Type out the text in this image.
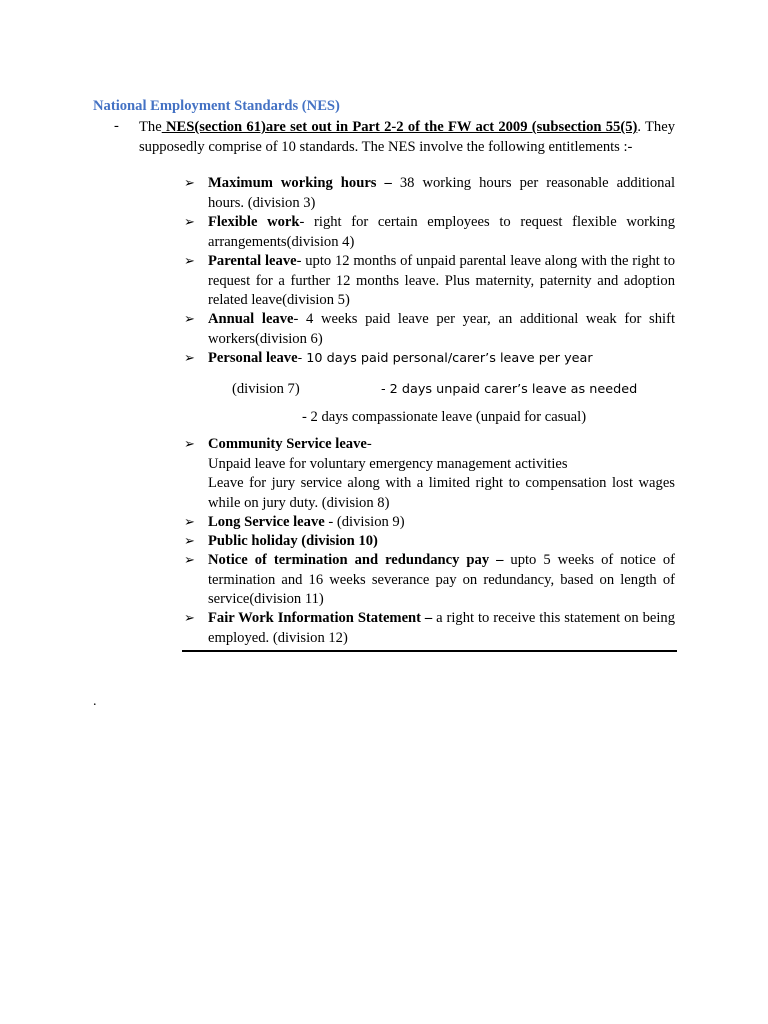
National Employment Standards (NES)
- The NES(section 61)are set out in Part 2-2 of the FW act 2009 (subsection 55(5). They supposedly comprise of 10 standards. The NES involve the following entitlements :-
➢ Maximum working hours – 38 working hours per reasonable additional hours. (division 3)
➢ Flexible work- right for certain employees to request flexible working arrangements(division 4)
➢ Parental leave- upto 12 months of unpaid parental leave along with the right to request for a further 12 months leave. Plus maternity, paternity and adoption related leave(division 5)
➢ Annual leave- 4 weeks paid leave per year, an additional weak for shift workers(division 6)
➢ Personal leave- 10 days paid personal/carer’s leave per year
(division 7)	- 2 days unpaid carer’s leave as needed
- 2 days compassionate leave (unpaid for casual)
➢ Community Service leave-
Unpaid leave for voluntary emergency management activities
Leave for jury service along with a limited right to compensation lost wages while on jury duty. (division 8)
➢ Long Service leave - (division 9)
➢ Public holiday (division 10)
➢ Notice of termination and redundancy pay – upto 5 weeks of notice of termination and 16 weeks severance pay on redundancy, based on length of service(division 11)
➢ Fair Work Information Statement – a right to receive this statement on being employed. (division 12)
.
